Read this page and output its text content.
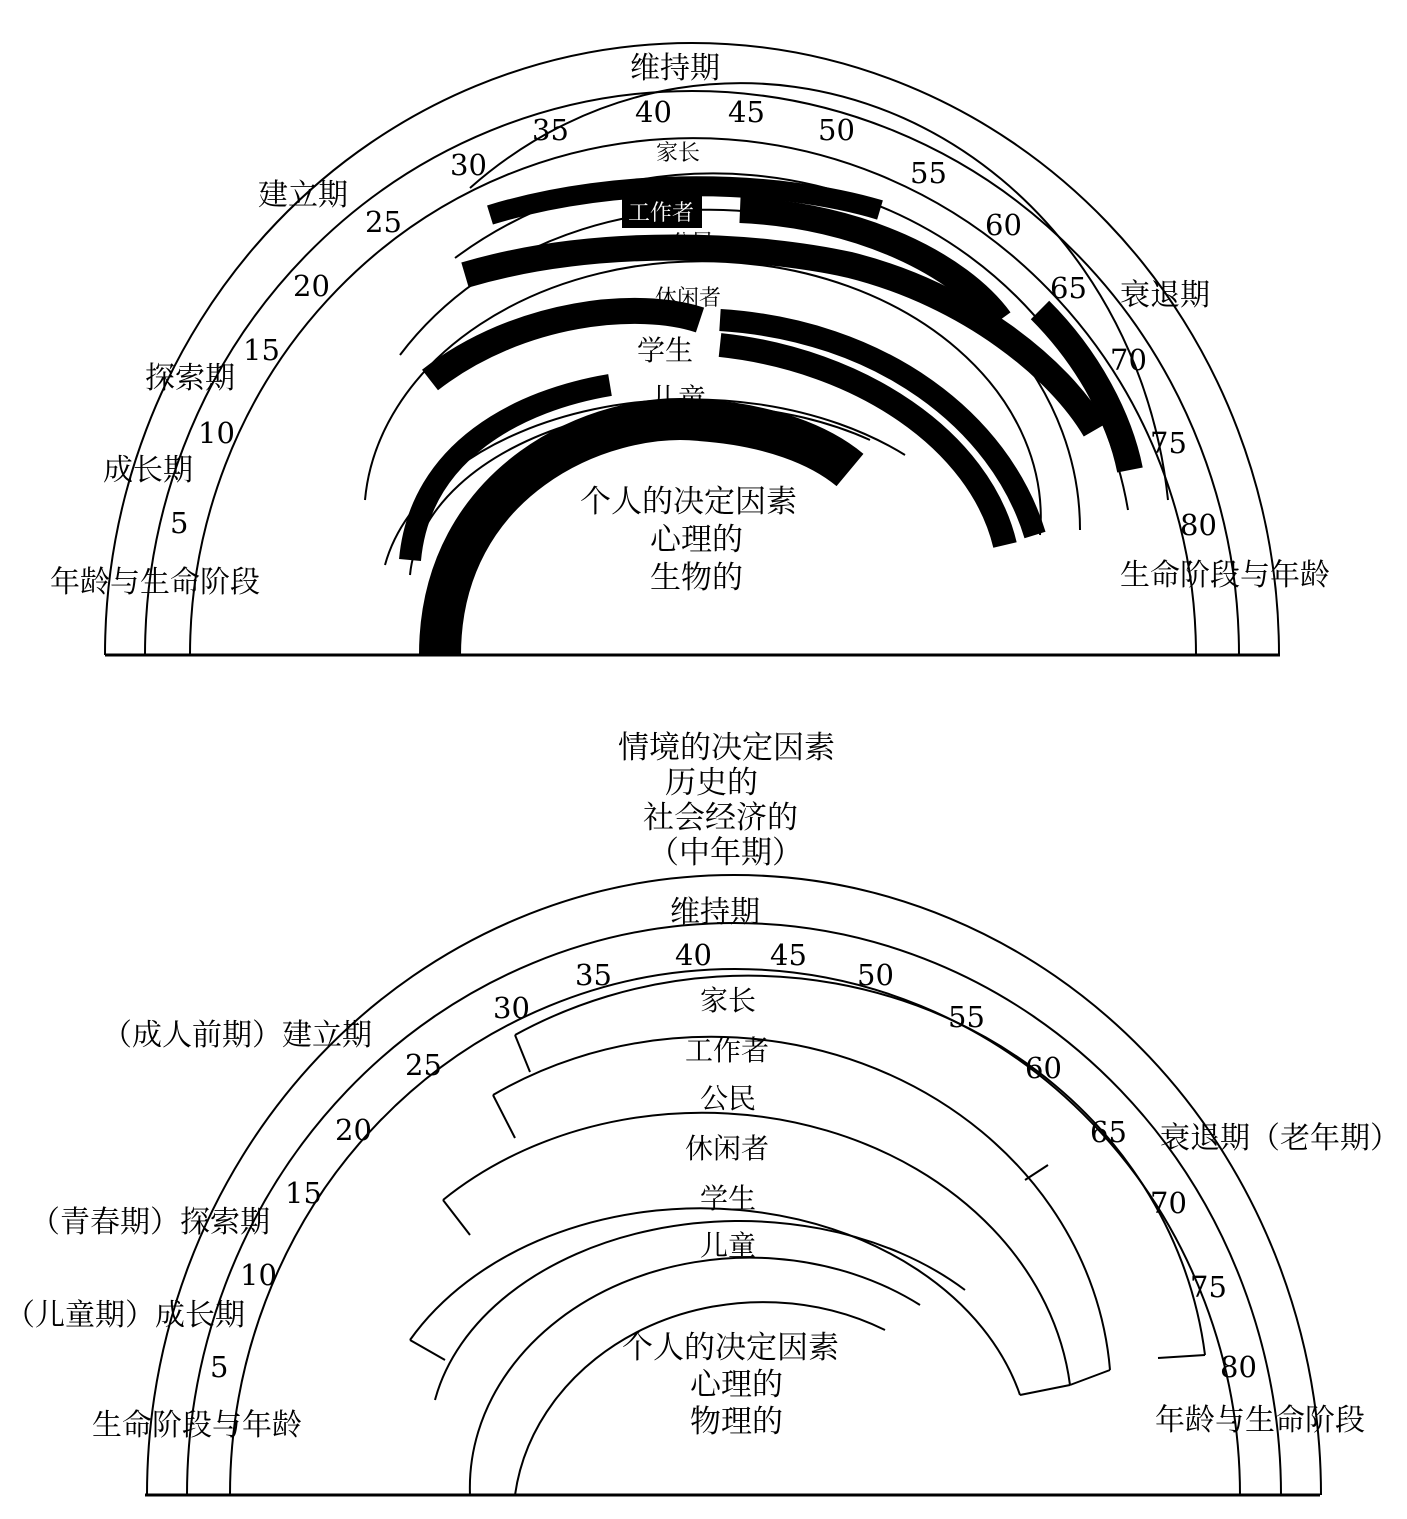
维持期
建立期
探索期
成长期
衰退期
年龄与生命阶段	生命阶段与年龄
5
10
15
20
25
30
35
40 45
50
55
60
65
70
75
80
家长
工作者
公民
休闲者
学生
儿童
个人的决定因素
心理的
生物的
情境的决定因素
历史的
社会经济的
（中年期）
维持期
（成人前期）建立期
（青春期）探索期
（儿童期）成长期
衰退期（老年期）
生命阶段与年龄	年龄与生命阶段
5
10
15
20
25
30
35
40 45
50
55
60
65
70
75
80
家长
工作者
公民
休闲者
学生
儿童
个人的决定因素
心理的
物理的
